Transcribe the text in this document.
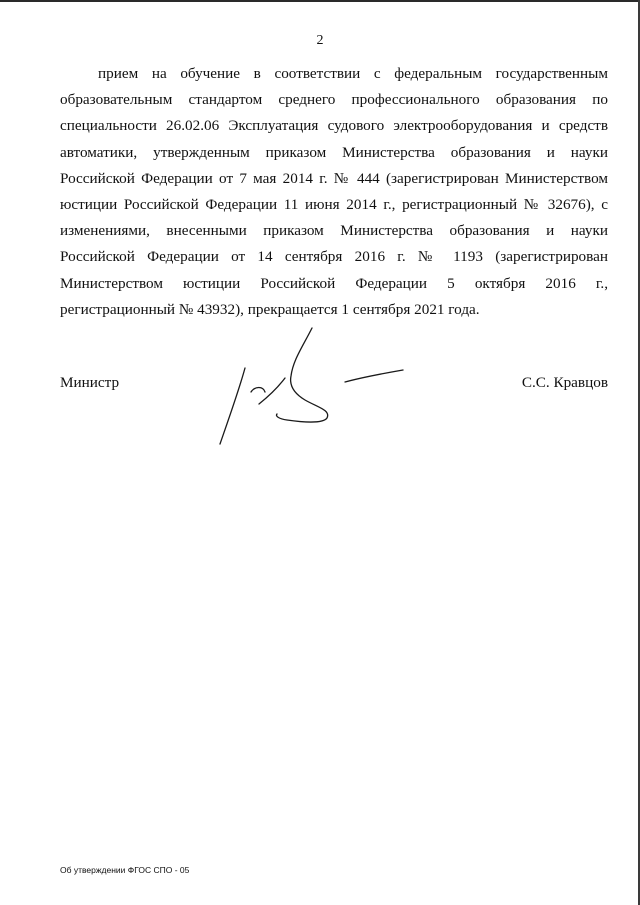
2

прием на обучение в соответствии с федеральным государственным образовательным стандартом среднего профессионального образования по специальности 26.02.06 Эксплуатация судового электрооборудования и средств автоматики, утвержденным приказом Министерства образования и науки Российской Федерации от 7 мая 2014 г. № 444 (зарегистрирован Министерством юстиции Российской Федерации 11 июня 2014 г., регистрационный № 32676), с изменениями, внесенными приказом Министерства образования и науки Российской Федерации от 14 сентября 2016 г. № 1193 (зарегистрирован Министерством юстиции Российской Федерации 5 октября 2016 г., регистрационный № 43932), прекращается 1 сентября 2021 года.

Министр	С.С. Кравцов
Об утверждении ФГОС СПО - 05
